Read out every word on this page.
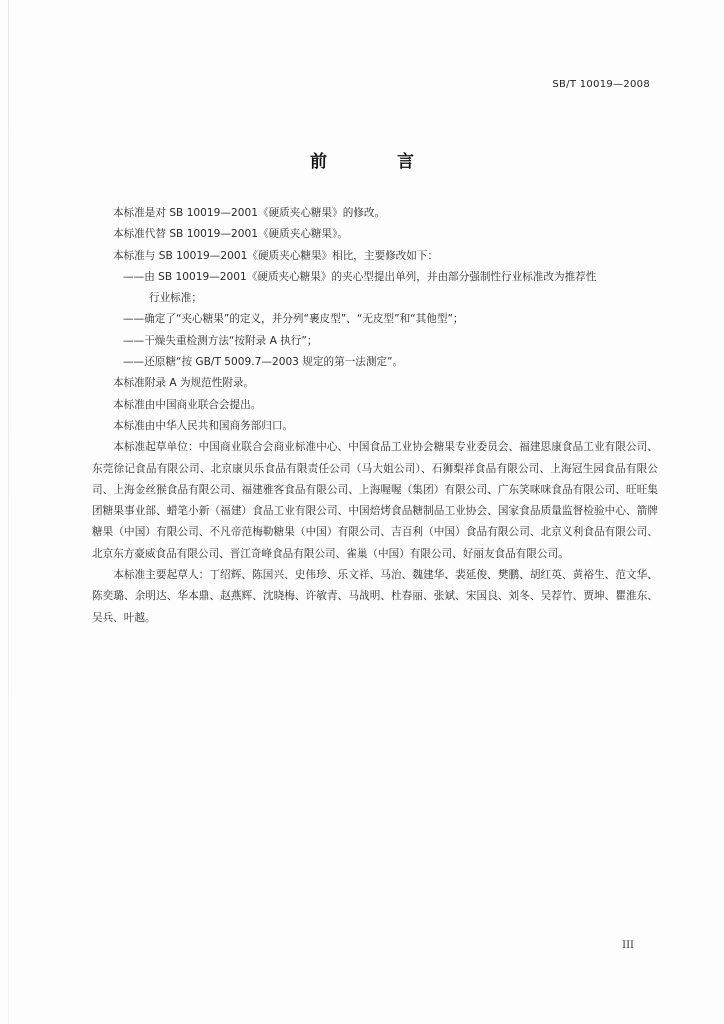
SB/T 10019—2008
前 言

本标准是对 SB 10019—2001《硬质夹心糖果》的修改。

本标准代替 SB 10019—2001《硬质夹心糖果》。

本标准与 SB 10019—2001《硬质夹心糖果》相比，主要修改如下：

——由 SB 10019—2001《硬质夹心糖果》的夹心型提出单列，并由部分强制性行业标准改为推荐性

行业标准；

——确定了“夹心糖果”的定义，并分列“裹皮型”、“无皮型”和“其他型”；

——干燥失重检测方法“按附录 A 执行”；

——还原糖“按 GB/T 5009.7—2003 规定的第一法测定”。

本标准附录 A 为规范性附录。

本标准由中国商业联合会提出。

本标准由中华人民共和国商务部归口。

本标准起草单位：中国商业联合会商业标准中心、中国食品工业协会糖果专业委员会、福建思康食品工业有限公司、东莞徐记食品有限公司、北京康贝乐食品有限责任公司（马大姐公司）、石狮梨祥食品有限公司、上海冠生园食品有限公司、上海金丝猴食品有限公司、福建雅客食品有限公司、上海喔喔（集团）有限公司、广东笑咪咪食品有限公司、旺旺集团糖果事业部、蜡笔小新（福建）食品工业有限公司、中国焙烤食品糖制品工业协会、国家食品质量监督检验中心、箭牌糖果（中国）有限公司、不凡帝范梅勒糖果（中国）有限公司、吉百利（中国）食品有限公司、北京义利食品有限公司、北京东方豪威食品有限公司、晋江奇峰食品有限公司、雀巢（中国）有限公司、好丽友食品有限公司。

本标准主要起草人：丁绍辉、陈国兴、史伟珍、乐文祥、马治、魏建华、裴延俊、樊鹏、胡红英、黄裕生、范文华、陈奕璐、余明达、华本鼎、赵燕辉、沈晓梅、许敏青、马战明、杜春丽、张斌、宋国良、刘冬、吴荐竹、贾坤、瞿淮东、吴兵、叶越。

III
